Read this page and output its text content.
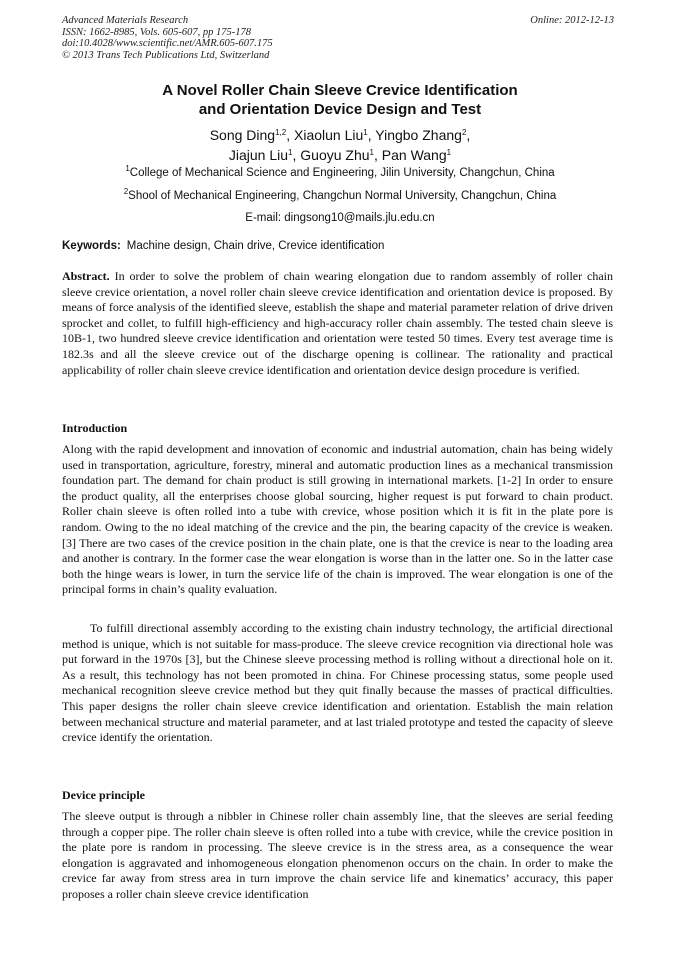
Advanced Materials Research
ISSN: 1662-8985, Vols. 605-607, pp 175-178
doi:10.4028/www.scientific.net/AMR.605-607.175
© 2013 Trans Tech Publications Ltd, Switzerland
Online: 2012-12-13
A Novel Roller Chain Sleeve Crevice Identification
and Orientation Device Design and Test
Song Ding$^{1,2}$, Xiaolun Liu$^1$, Yingbo Zhang$^2$,
Jiajun Liu$^1$, Guoyu Zhu$^1$, Pan Wang$^1$
$^1$College of Mechanical Science and Engineering, Jilin University, Changchun, China
$^2$Shool of Mechanical Engineering, Changchun Normal University, Changchun, China
E-mail: dingsong10@mails.jlu.edu.cn
Keywords: Machine design, Chain drive, Crevice identification
Abstract. In order to solve the problem of chain wearing elongation due to random assembly of roller chain sleeve crevice orientation, a novel roller chain sleeve crevice identification and orientation device is proposed. By means of force analysis of the identified sleeve, establish the shape and material parameter relation of drive driven sprocket and collet, to fulfill high-efficiency and high-accuracy roller chain assembly. The tested chain sleeve is 10B-1, two hundred sleeve crevice identification and orientation were tested 50 times. Every test average time is 182.3s and all the sleeve crevice out of the discharge opening is collinear. The rationality and practical applicability of roller chain sleeve crevice identification and orientation device design procedure is verified.
Introduction
Along with the rapid development and innovation of economic and industrial automation, chain has being widely used in transportation, agriculture, forestry, mineral and automatic production lines as a mechanical transmission foundation part. The demand for chain product is still growing in international markets. [1-2] In order to ensure the product quality, all the enterprises choose global sourcing, higher request is put forward to chain product. Roller chain sleeve is often rolled into a tube with crevice, whose position which it is fit in the plate pore is random. Owing to the no ideal matching of the crevice and the pin, the bearing capacity of the crevice is weaken. [3] There are two cases of the crevice position in the chain plate, one is that the crevice is near to the loading area and another is contrary. In the former case the wear elongation is worse than in the latter one. So in the latter case both the hinge wears is lower, in turn the service life of the chain is improved. The wear elongation is one of the principal forms in chain’s quality evaluation.
To fulfill directional assembly according to the existing chain industry technology, the artificial directional method is unique, which is not suitable for mass-produce. The sleeve crevice recognition via directional hole was put forward in the 1970s [3], but the Chinese sleeve processing method is rolling without a directional hole on it. As a result, this technology has not been promoted in china. For Chinese processing status, some people used mechanical recognition sleeve crevice method but they quit finally because the masses of practical difficulties. This paper designs the roller chain sleeve crevice identification and orientation. Establish the main relation between mechanical structure and material parameter, and at last trialed prototype and tested the capacity of sleeve crevice identify the orientation.
Device principle
The sleeve output is through a nibbler in Chinese roller chain assembly line, that the sleeves are serial feeding through a copper pipe. The roller chain sleeve is often rolled into a tube with crevice, while the crevice position in the plate pore is random in processing. The sleeve crevice is in the stress area, as a consequence the wear elongation is aggravated and inhomogeneous elongation phenomenon occurs on the chain. In order to make the crevice far away from stress area in turn improve the chain service life and kinematics’ accuracy, this paper proposes a roller chain sleeve crevice identification
